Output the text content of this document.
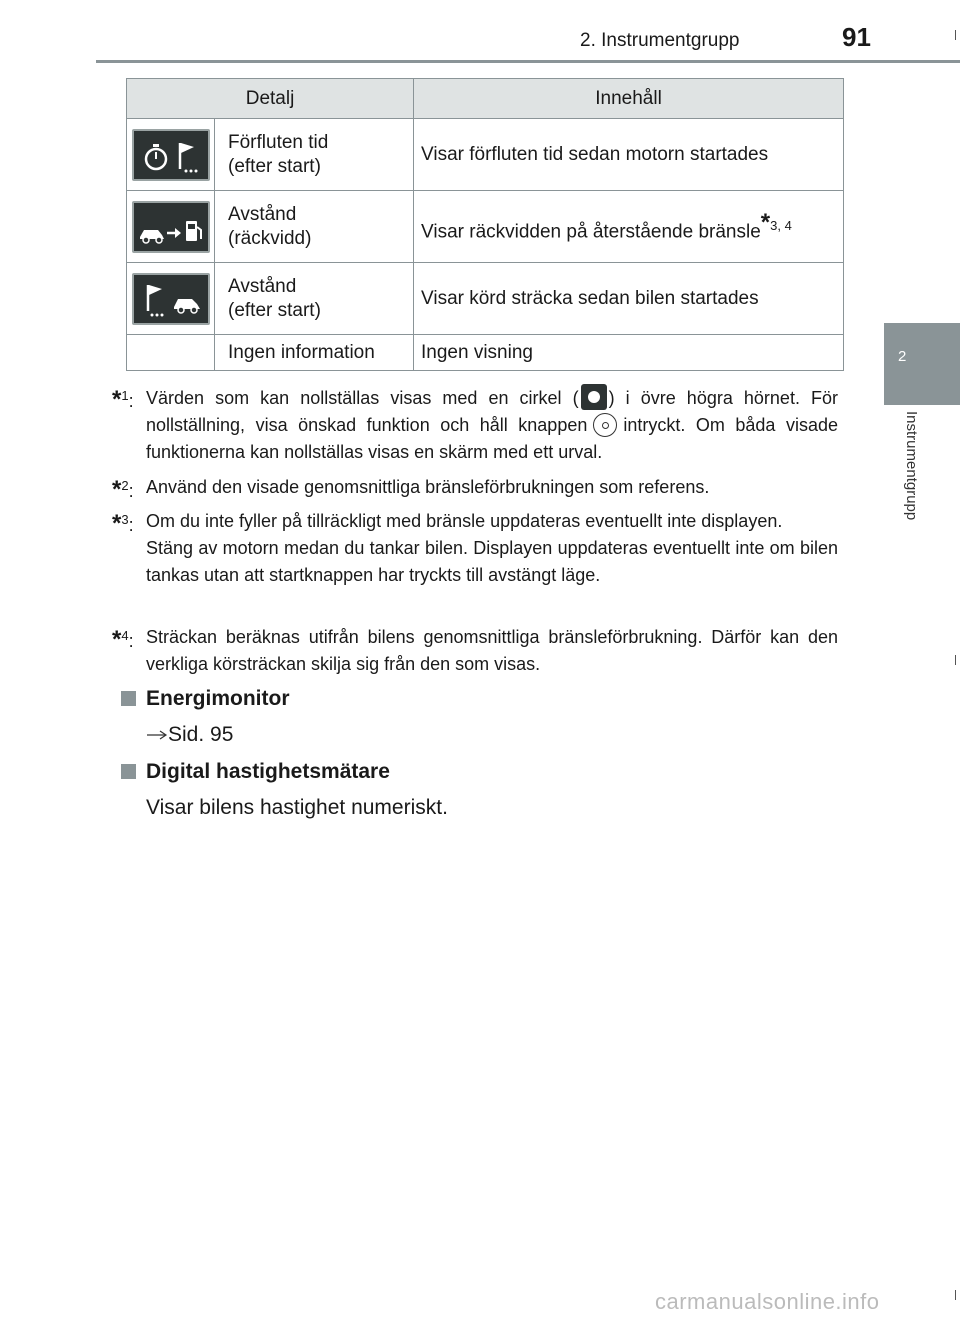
2. Instrumentgrupp	91
2
Instrumentgrupp
Detalj		Innehåll

Förfluten tid
(efter start)	Visar förfluten tid sedan motorn startades

Avstånd
(räckvidd)	Visar räckvidden på återstående bränsle$^{*3, 4}$

Avstånd
(efter start)	Visar körd sträcka sedan bilen startades
	Ingen information	Ingen visning
*$^1$: Värden som kan nollställas visas med en cirkel ( ) i övre högra hörnet. För nollställning, visa önskad funktion och håll knappen intryckt. Om båda visade funktionerna kan nollställas visas en skärm med ett urval.
*$^2$: Använd den visade genomsnittliga bränsleförbrukningen som referens.
*$^3$: Om du inte fyller på tillräckligt med bränsle uppdateras eventuellt inte displayen.
Stäng av motorn medan du tankar bilen. Displayen uppdateras eventuellt inte om bilen tankas utan att startknappen har tryckts till avstängt läge.
*$^4$: Sträckan beräknas utifrån bilens genomsnittliga bränsleförbrukning. Därför kan den verkliga körsträckan skilja sig från den som visas.
Energimonitor
Sid. 95
Digital hastighetsmätare
Visar bilens hastighet numeriskt.
carmanualsonline.info
